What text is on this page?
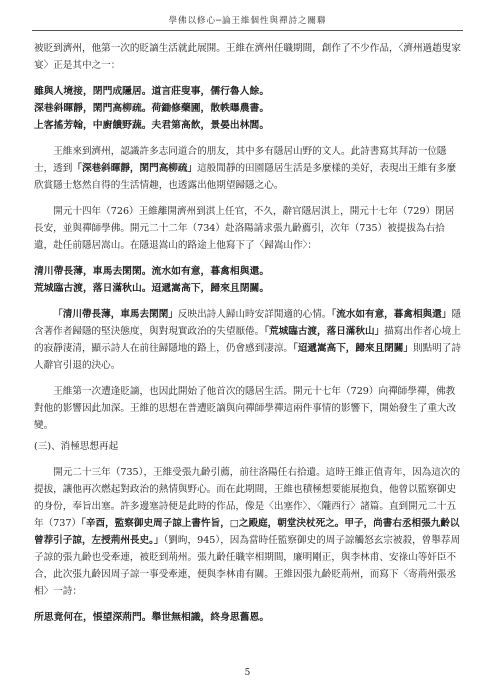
學佛以修心─論王維個性與禪詩之關聯

被貶到濟州，他第一次的貶謫生活就此展開。王維在濟州任職期間，創作了不少作品，〈濟州過趙叟家宴〉正是其中之一：

雖與人境接，閉門成隱居。道言莊叟事，儒行魯人餘。

深巷斜暉靜，閑門高柳疏。荷鋤修藥圃，散帙曝農書。

上客搖芳翰，中廚饋野蔬。夫君第高飲，景晏出林閭。

王維來到濟州，認識許多志同道合的朋友，其中多有隱居山野的文人。此詩書寫其拜訪一位隱士，透到「深巷斜暉靜，閑門高柳疏」這般閒靜的田園隱居生活是多麼樣的美好，表現出王維有多麼欣賞隱士悠然自得的生活情趣，也透露出他期望歸隱之心。

開元十四年（726）王維離開濟州到淇上任官，不久，辭官隱居淇上，開元十七年（729）閉居長安，並與禪師學佛。開元二十二年（734）赴洛陽請求張九齡薦引，次年（735）被提拔為右拾遺，赴任前隱居嵩山。在隱退嵩山的路途上他寫下了〈歸嵩山作〉：

清川帶長薄，車馬去閑閑。流水如有意，暮禽相與還。

荒城臨古渡，落日滿秋山。迢遞嵩高下，歸來且閉關。

「清川帶長薄，車馬去閑閑」反映出詩人歸山時安詳閒適的心情。「流水如有意，暮禽相與還」隱含著作者歸隱的堅決態度，與對現實政治的失望厭倦。「荒城臨古渡，落日滿秋山」描寫出作者心境上的寂靜淒清，顯示詩人在前往歸隱地的路上，仍會感到凄涼。「迢遞嵩高下，歸來且閉關」則點明了詩人辭官引退的決心。

王維第一次遭逢貶謫，也因此開始了他首次的隱居生活。開元十七年（729）向禪師學禪，佛教對他的影響因此加深。王維的思想在普遭貶謫與向禪師學禪這兩件事情的影響下，開始發生了重大改變。

(三)、消極思想再起

開元二十三年（735），王維受張九齡引薦，前往洛陽任右拾遺。這時王維正值青年，因為這次的提拔，讓他再次燃起對政治的熱情與野心。而在此期間，王維也積極想要能展抱負，他曾以監察御史的身份，奉旨出塞。許多邊塞詩便是此時的作品，像是〈出塞作〉、〈隴西行〉諸篇。直到開元二十五年（737）「辛酉，監察御史周子諒上書忤旨，□之殿庭，朝堂決杖死之。甲子，尚書右丞相張九齡以曾荐引子諒，左授荊州長史。」（劉昫，945），因為當時任監察御史的周子諒觸怒玄宗被殺，曾舉荐周子諒的張九齡也受牽連，被貶到荊州。張九齡任職宰相期間，廉明剛正，與李林甫、安祿山等奸臣不合，此次張九齡因周子諒一事受牽連，便與李林甫有關。王維因張九齡貶荊州，而寫下〈寄荊州張丞相〉一詩：

所思竟何在，悵望深荊門。舉世無相識，終身思舊恩。

5
